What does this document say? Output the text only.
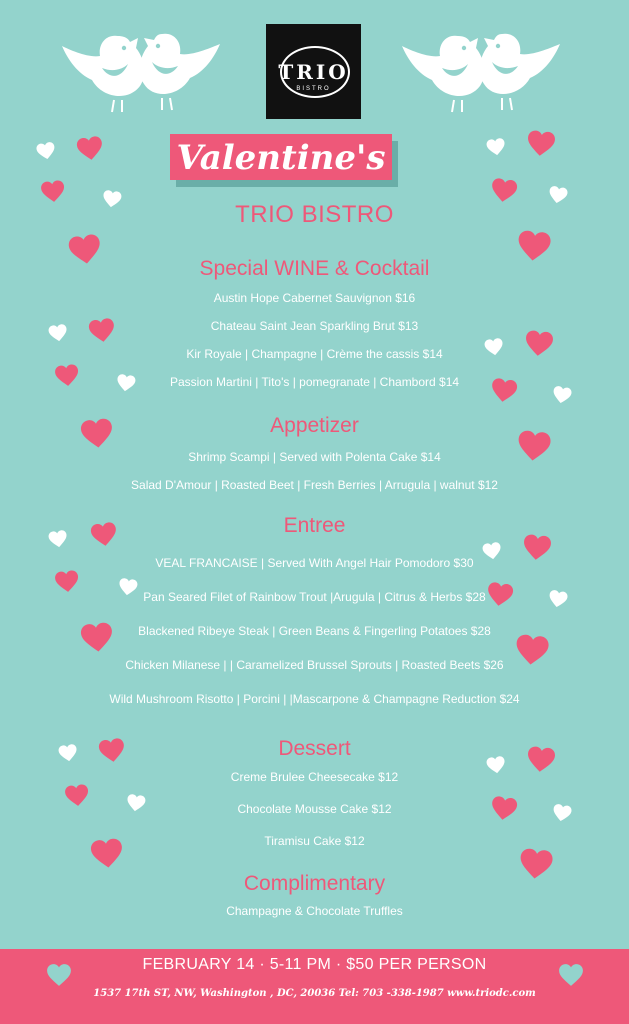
TRIO
BISTRO
Valentine's
TRIO BISTRO
Special WINE & Cocktail
Austin Hope Cabernet Sauvignon $16
Chateau Saint Jean Sparkling Brut $13
Kir Royale | Champagne | Crème the cassis $14
Passion Martini | Tito's | pomegranate | Chambord $14
Appetizer
Shrimp Scampi | Served with Polenta Cake $14
Salad D'Amour | Roasted Beet | Fresh Berries | Arrugula | walnut $12
Entree
VEAL FRANCAISE | Served With Angel Hair Pomodoro $30
Pan Seared Filet of Rainbow Trout |Arugula | Citrus & Herbs $28
Blackened Ribeye Steak | Green Beans & Fingerling Potatoes $28
Chicken Milanese | | Caramelized Brussel Sprouts | Roasted Beets $26
Wild Mushroom Risotto | Porcini | |Mascarpone & Champagne Reduction $24
Dessert
Creme Brulee Cheesecake $12
Chocolate Mousse Cake $12
Tiramisu Cake $12
Complimentary
Champagne & Chocolate Truffles
FEBRUARY 14 · 5-11 PM · $50 PER PERSON
1537 17th ST, NW, Washington , DC, 20036 Tel: 703 -338-1987 www.triodc.com
